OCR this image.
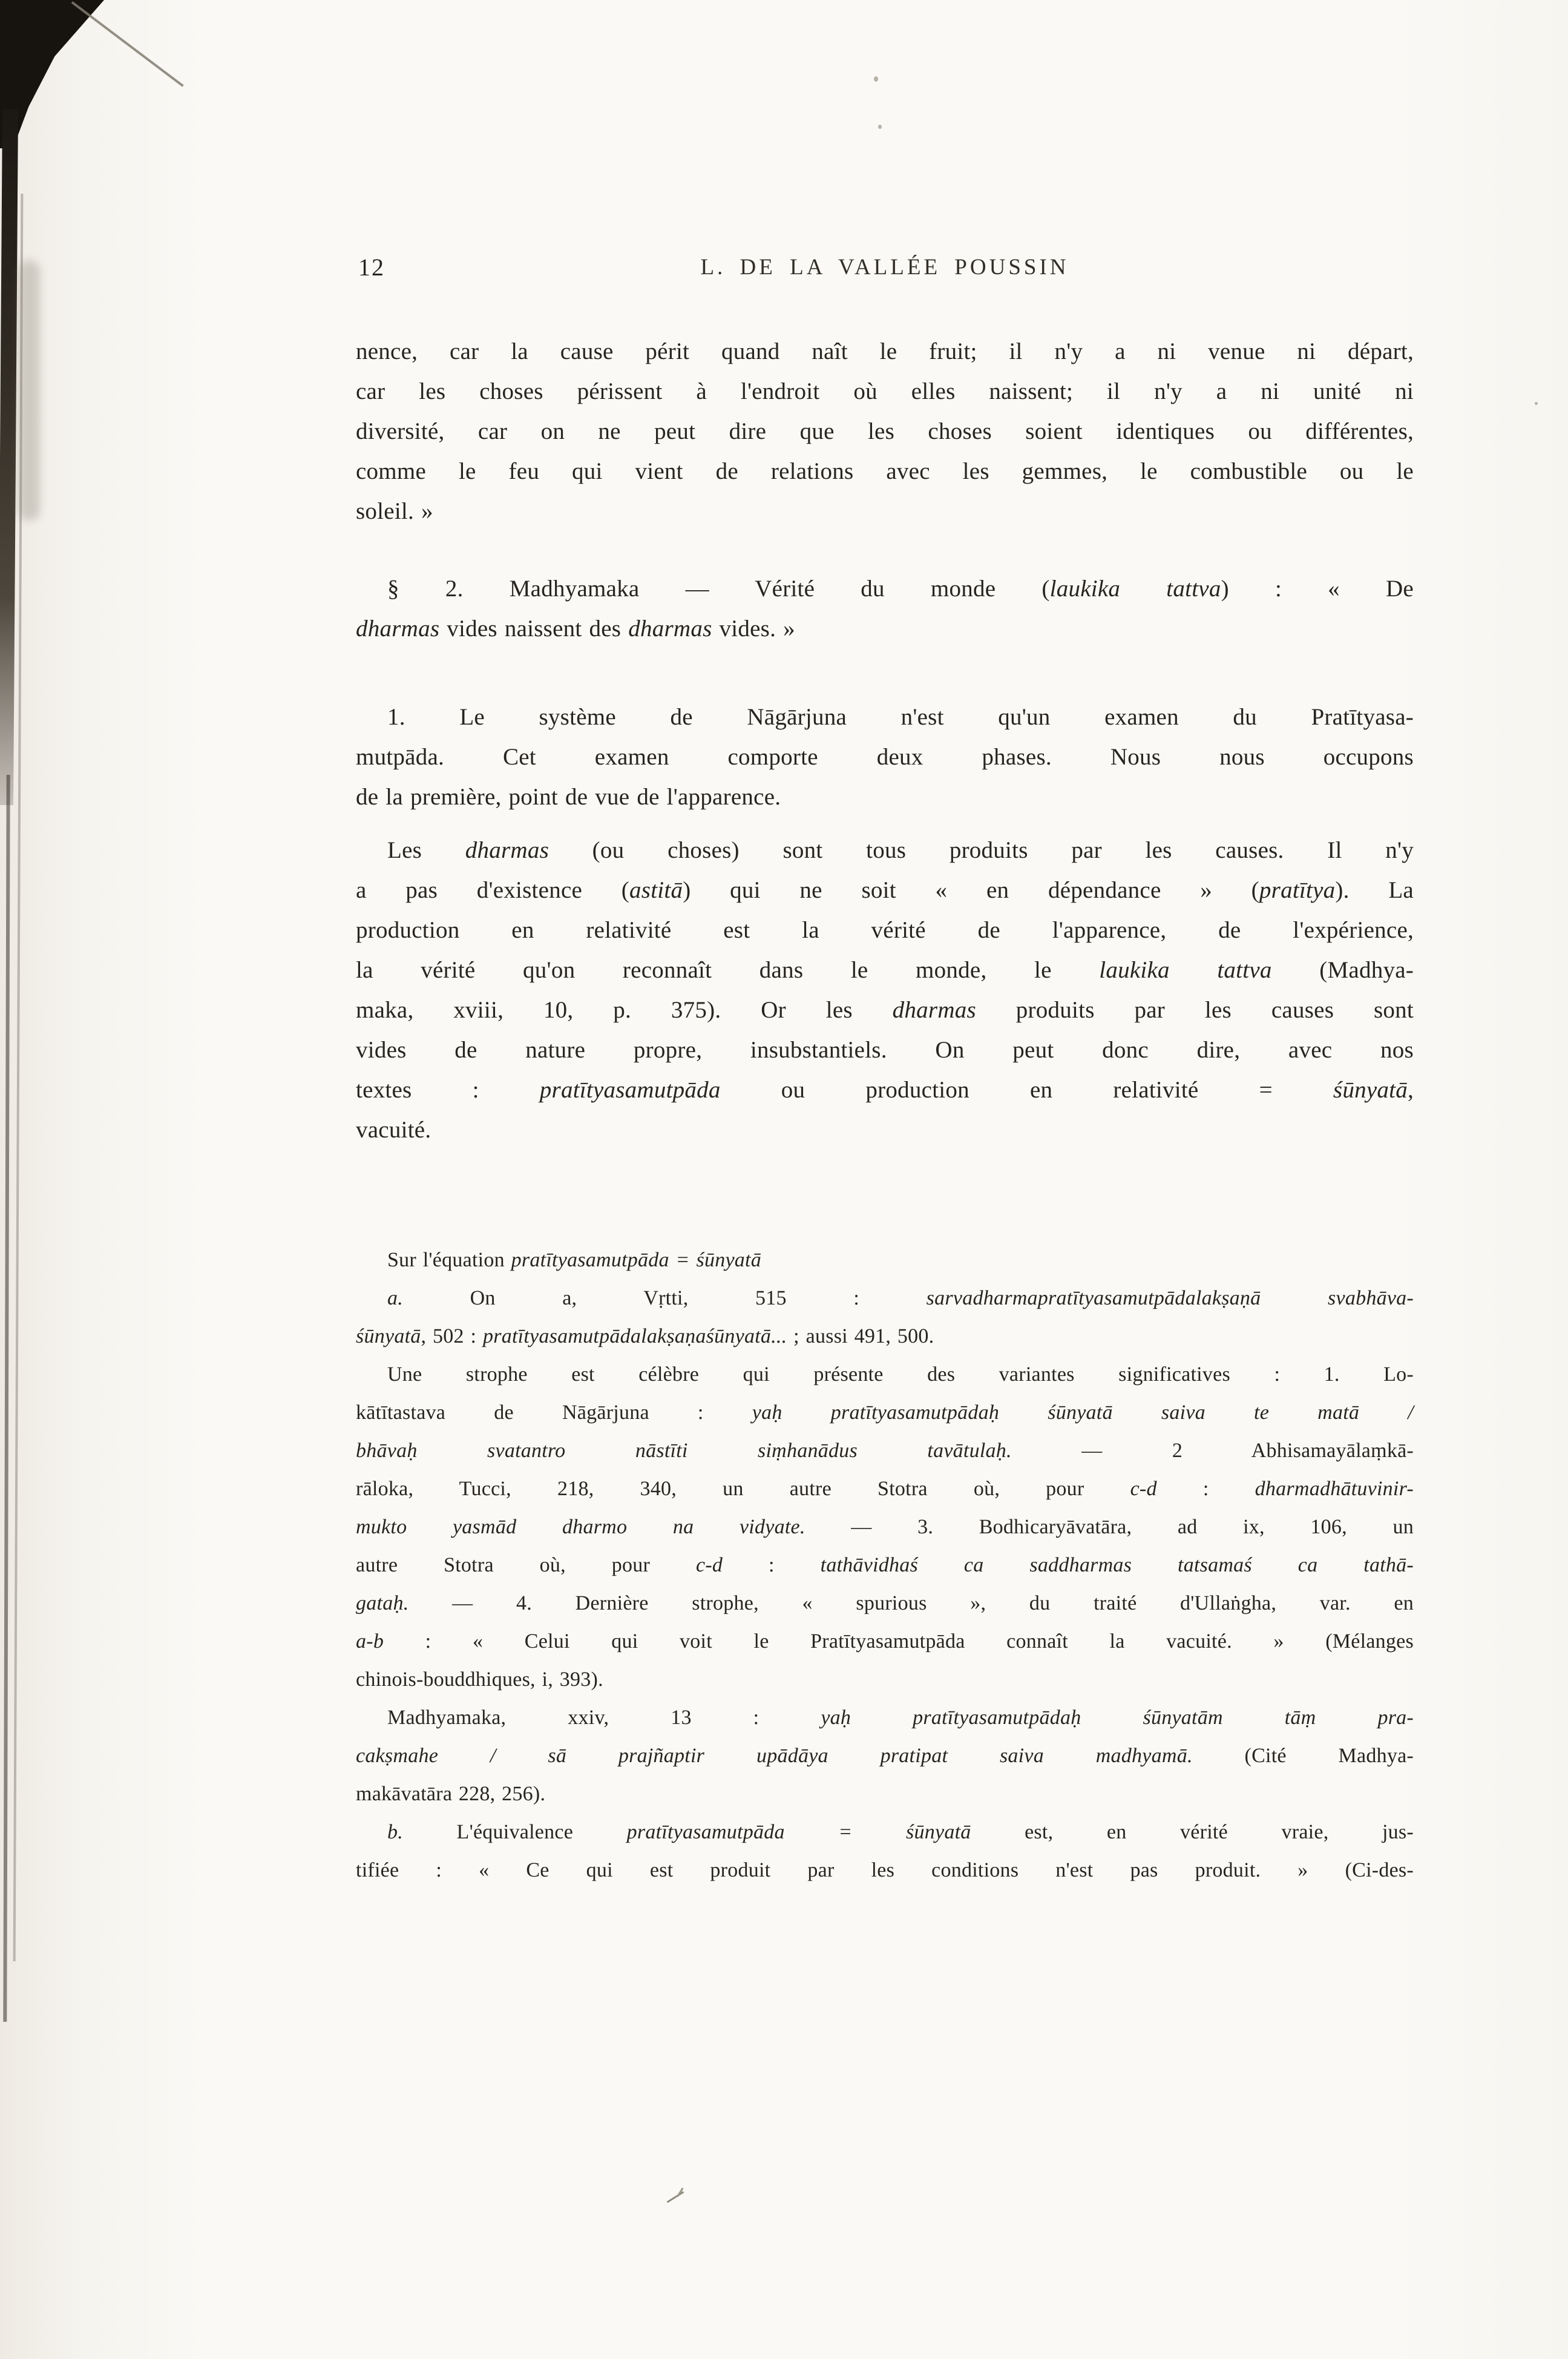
12	L. DE LA VALLÉE POUSSIN
nence, car la cause périt quand naît le fruit; il n'y a ni venue ni départ,
car les choses périssent à l'endroit où elles naissent; il n'y a ni unité ni
diversité, car on ne peut dire que les choses soient identiques ou différentes,
comme le feu qui vient de relations avec les gemmes, le combustible ou le
soleil. »
§ 2. Madhyamaka — Vérité du monde (laukika tattva) : « De
dharmas vides naissent des dharmas vides. »
1. Le système de Nāgārjuna n'est qu'un examen du Pratītyasa-
mutpāda. Cet examen comporte deux phases. Nous nous occupons
de la première, point de vue de l'apparence.
Les dharmas (ou choses) sont tous produits par les causes. Il n'y
a pas d'existence (astitā) qui ne soit « en dépendance » (pratītya). La
production en relativité est la vérité de l'apparence, de l'expérience,
la vérité qu'on reconnaît dans le monde, le laukika tattva (Madhya-
maka, xviii, 10, p. 375). Or les dharmas produits par les causes sont
vides de nature propre, insubstantiels. On peut donc dire, avec nos
textes : pratītyasamutpāda ou production en relativité = śūnyatā,
vacuité.
Sur l'équation pratītyasamutpāda = śūnyatā
a. On a, Vṛtti, 515 : sarvadharmapratītyasamutpādalakṣaṇā svabhāva-
śūnyatā, 502 : pratītyasamutpādalakṣaṇaśūnyatā... ; aussi 491, 500.
Une strophe est célèbre qui présente des variantes significatives : 1. Lo-
kātītastava de Nāgārjuna : yaḥ pratītyasamutpādaḥ śūnyatā saiva te matā /
bhāvaḥ svatantro nāstīti siṃhanādus tavātulaḥ. — 2 Abhisamayālaṃkā-
rāloka, Tucci, 218, 340, un autre Stotra où, pour c-d : dharmadhātuvinir-
mukto yasmād dharmo na vidyate. — 3. Bodhicaryāvatāra, ad ix, 106, un
autre Stotra où, pour c-d : tathāvidhaś ca saddharmas tatsamaś ca tathā-
gataḥ. — 4. Dernière strophe, « spurious », du traité d'Ullaṅgha, var. en
a-b : « Celui qui voit le Pratītyasamutpāda connaît la vacuité. » (Mélanges
chinois-bouddhiques, i, 393).
Madhyamaka, xxiv, 13 : yaḥ pratītyasamutpādaḥ śūnyatām tāṃ pra-
cakṣmahe / sā prajñaptir upādāya pratipat saiva madhyamā. (Cité Madhya-
makāvatāra 228, 256).
b. L'équivalence pratītyasamutpāda = śūnyatā est, en vérité vraie, jus-
tifiée : « Ce qui est produit par les conditions n'est pas produit. » (Ci-des-
